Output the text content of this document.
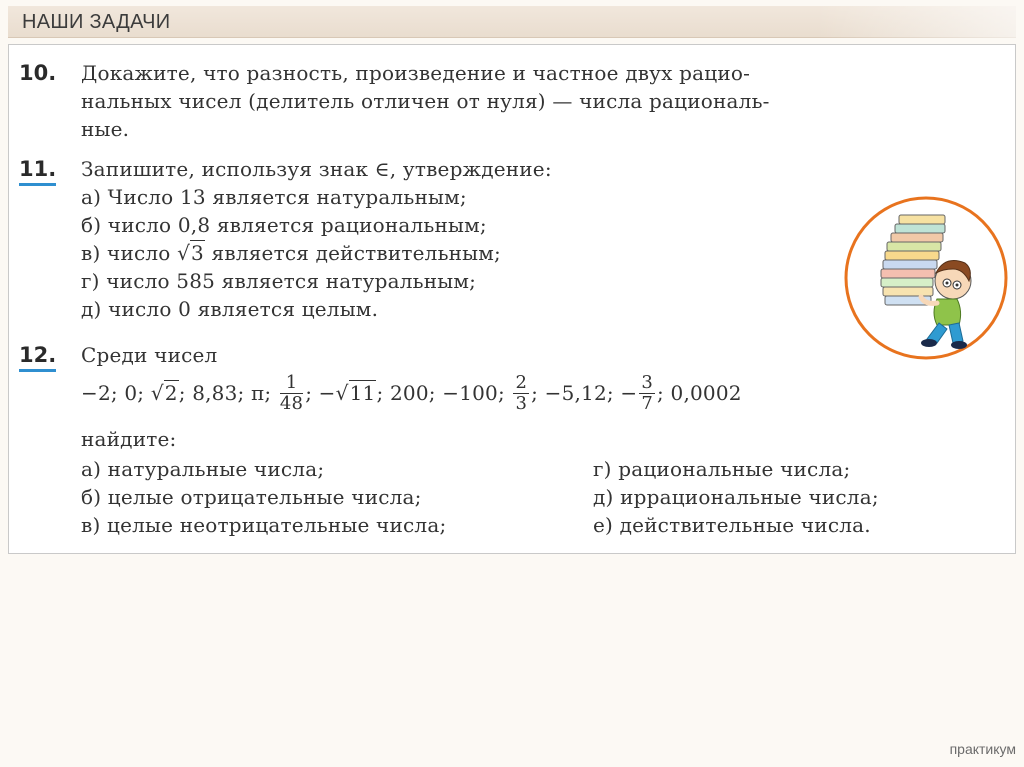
НАШИ ЗАДАЧИ
10. Докажите, что разность, произведение и частное двух рацио-
нальных чисел (делитель отличен от нуля) — числа рациональ-
ные.
11. Запишите, используя знак ∈, утверждение:
а) Число 13 является натуральным;
б) число 0,8 является рациональным;
в) число √3 является действительным;
г) число 585 является натуральным;
д) число 0 является целым.
12. Среди чисел
−2; 0;
√2 ; 8,83; π;
$\frac{1}{48}$ ; − √11 ; 200; −100;
$\frac{2}{3}$ ; −5,12; − $\frac{3}{7}$ ; 0,0002
найдите:
а) натуральные числа;
б) целые отрицательные числа;
в) целые неотрицательные числа;
г) рациональные числа;
д) иррациональные числа;
е) действительные числа.
практикум
